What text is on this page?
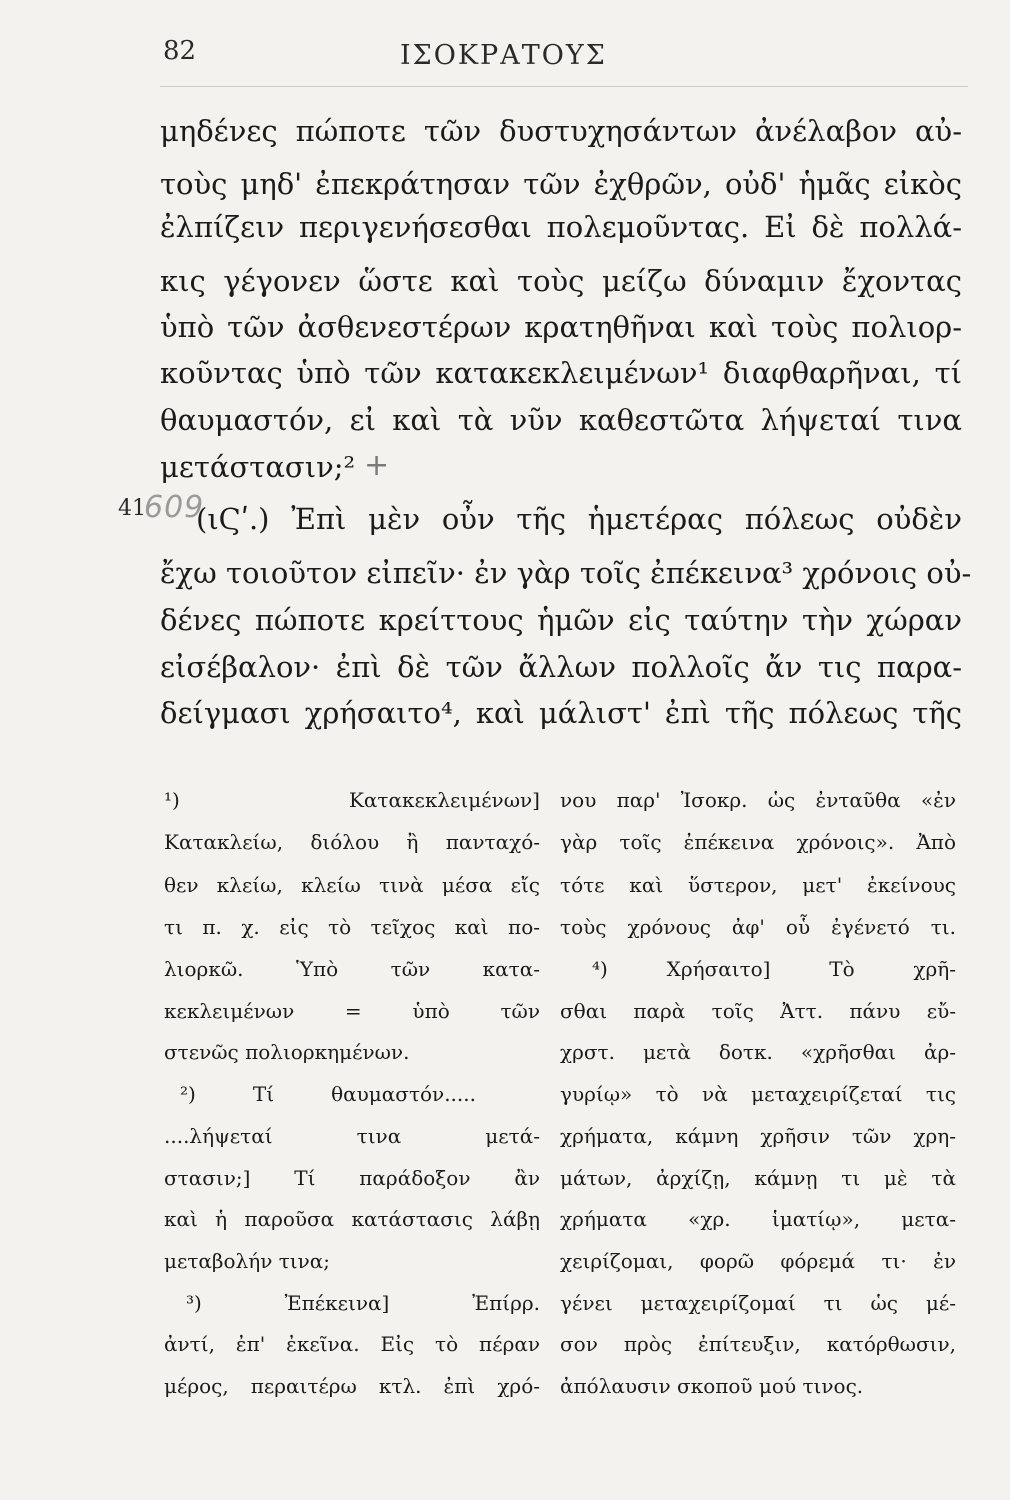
82	ΙΣΟΚΡΑΤΟΥΣ
μηδένες πώποτε τῶν δυστυχησάντων ἀνέλαβον αὐ-
τοὺς μηδ' ἐπεκράτησαν τῶν ἐχθρῶν, οὐδ' ἡμᾶς εἰκὸς
ἐλπίζειν περιγενήσεσθαι πολεμοῦντας. Εἰ δὲ πολλά-
κις γέγονεν ὥστε καὶ τοὺς μείζω δύναμιν ἔχοντας
ὑπὸ τῶν ἀσθενεστέρων κρατηθῆναι καὶ τοὺς πολιορ-
κοῦντας ὑπὸ τῶν κατακεκλειμένων¹ διαφθαρῆναι, τί
θαυμαστόν, εἰ καὶ τὰ νῦν καθεστῶτα λήψεταί τινα
μετάστασιν;²
41
609
+
(ιϚʹ.) Ἐπὶ μὲν οὖν τῆς ἡμετέρας πόλεως οὐδὲν
ἔχω τοιοῦτον εἰπεῖν· ἐν γὰρ τοῖς ἐπέκεινα³ χρόνοις οὐ-
δένες πώποτε κρείττους ἡμῶν εἰς ταύτην τὴν χώραν
εἰσέβαλον· ἐπὶ δὲ τῶν ἄλλων πολλοῖς ἄν τις παρα-
δείγμασι χρήσαιτο⁴, καὶ μάλιστ' ἐπὶ τῆς πόλεως τῆς
¹) Κατακεκλειμένων]
Κατακλείω, διόλου ἢ πανταχό-
θεν κλείω, κλείω τινὰ μέσα εἴς
τι π. χ. εἰς τὸ τεῖχος καὶ πο-
λιορκῶ. Ὑπὸ τῶν κατα-
κεκλειμένων = ὑπὸ τῶν
στενῶς πολιορκημένων.
²) Τί θαυμαστόν.....
....λήψεταί τινα μετά-
στασιν;] Τί παράδοξον ἂν
καὶ ἡ παροῦσα κατάστασις λάβῃ
μεταβολήν τινα;
³) Ἐπέκεινα] Ἐπίρρ.
ἀντί, ἐπ' ἐκεῖνα. Εἰς τὸ πέραν
μέρος, περαιτέρω κτλ. ἐπὶ χρό-
νου παρ' Ἰσοκρ. ὡς ἐνταῦθα «ἐν
γὰρ τοῖς ἐπέκεινα χρόνοις». Ἀπὸ
τότε καὶ ὕστερον, μετ' ἐκείνους
τοὺς χρόνους ἀφ' οὗ ἐγένετό τι.
⁴) Χρήσαιτο] Τὸ χρῆ-
σθαι παρὰ τοῖς Ἀττ. πάνυ εὔ-
χρστ. μετὰ δοτκ. «χρῆσθαι ἀρ-
γυρίῳ» τὸ νὰ μεταχειρίζεταί τις
χρήματα, κάμνη χρῆσιν τῶν χρη-
μάτων, ἀρχίζῃ, κάμνῃ τι μὲ τὰ
χρήματα «χρ. ἱματίῳ», μετα-
χειρίζομαι, φορῶ φόρεμά τι· ἐν
γένει μεταχειρίζομαί τι ὡς μέ-
σον πρὸς ἐπίτευξιν, κατόρθωσιν,
ἀπόλαυσιν σκοποῦ μού τινος.
